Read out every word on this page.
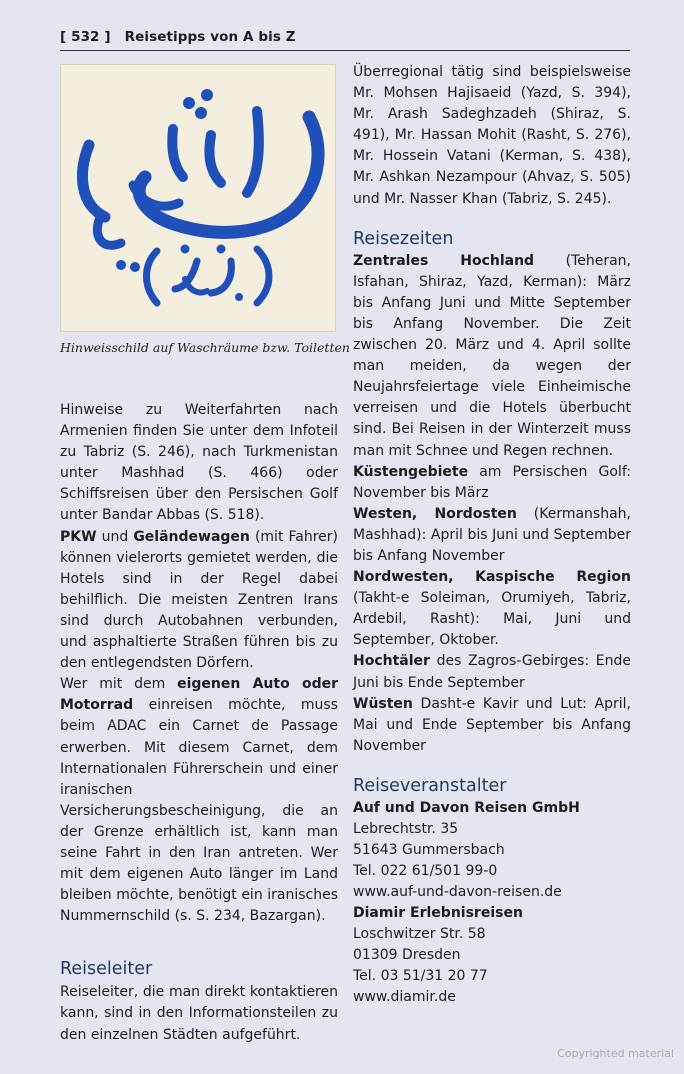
[ 532 ] Reisetipps von A bis Z
Hinweisschild auf Waschräume bzw. Toiletten

Hinweise zu Weiterfahrten nach Armenien finden Sie unter dem Infoteil zu Tabriz (S. 246), nach Turkmenistan unter Mashhad (S. 466) oder Schiffsreisen über den Persischen Golf unter Bandar Abbas (S. 518).

PKW und Geländewagen (mit Fahrer) können vielerorts gemietet werden, die Hotels sind in der Regel dabei behilflich. Die meisten Zentren Irans sind durch Autobahnen verbunden, und asphaltierte Straßen führen bis zu den entlegendsten Dörfern.

Wer mit dem eigenen Auto oder Motorrad einreisen möchte, muss beim ADAC ein Carnet de Passage erwerben. Mit diesem Carnet, dem Internationalen Führerschein und einer iranischen Versicherungsbescheinigung, die an der Grenze erhältlich ist, kann man seine Fahrt in den Iran antreten. Wer mit dem eigenen Auto länger im Land bleiben möchte, benötigt ein iranisches Nummernschild (s. S. 234, Bazargan).

Reiseleiter

Reiseleiter, die man direkt kontaktieren kann, sind in den Informationsteilen zu den einzelnen Städten aufgeführt.

Überregional tätig sind beispielsweise Mr. Mohsen Hajisaeid (Yazd, S. 394), Mr. Arash Sadeghzadeh (Shiraz, S. 491), Mr. Hassan Mohit (Rasht, S. 276), Mr. Hossein Vatani (Kerman, S. 438), Mr. Ashkan Nezampour (Ahvaz, S. 505) und Mr. Nasser Khan (Tabriz, S. 245).

Reisezeiten

Zentrales Hochland (Teheran, Isfahan, Shiraz, Yazd, Kerman): März bis Anfang Juni und Mitte September bis Anfang November. Die Zeit zwischen 20. März und 4. April sollte man meiden, da wegen der Neujahrsfeiertage viele Einheimische verreisen und die Hotels überbucht sind. Bei Reisen in der Winterzeit muss man mit Schnee und Regen rechnen.

Küstengebiete am Persischen Golf: November bis März

Westen, Nordosten (Kermanshah, Mashhad): April bis Juni und September bis Anfang November

Nordwesten, Kaspische Region (Takht-e Soleiman, Orumiyeh, Tabriz, Ardebil, Rasht): Mai, Juni und September, Oktober.

Hochtäler des Zagros-Gebirges: Ende Juni bis Ende September

Wüsten Dasht-e Kavir und Lut: April, Mai und Ende September bis Anfang November

Reiseveranstalter
Auf und Davon Reisen GmbH
Lebrechtstr. 35
51643 Gummersbach
Tel. 022 61/501 99-0
www.auf-und-davon-reisen.de
Diamir Erlebnisreisen
Loschwitzer Str. 58
01309 Dresden
Tel. 03 51/31 20 77
www.diamir.de
Copyrighted material
